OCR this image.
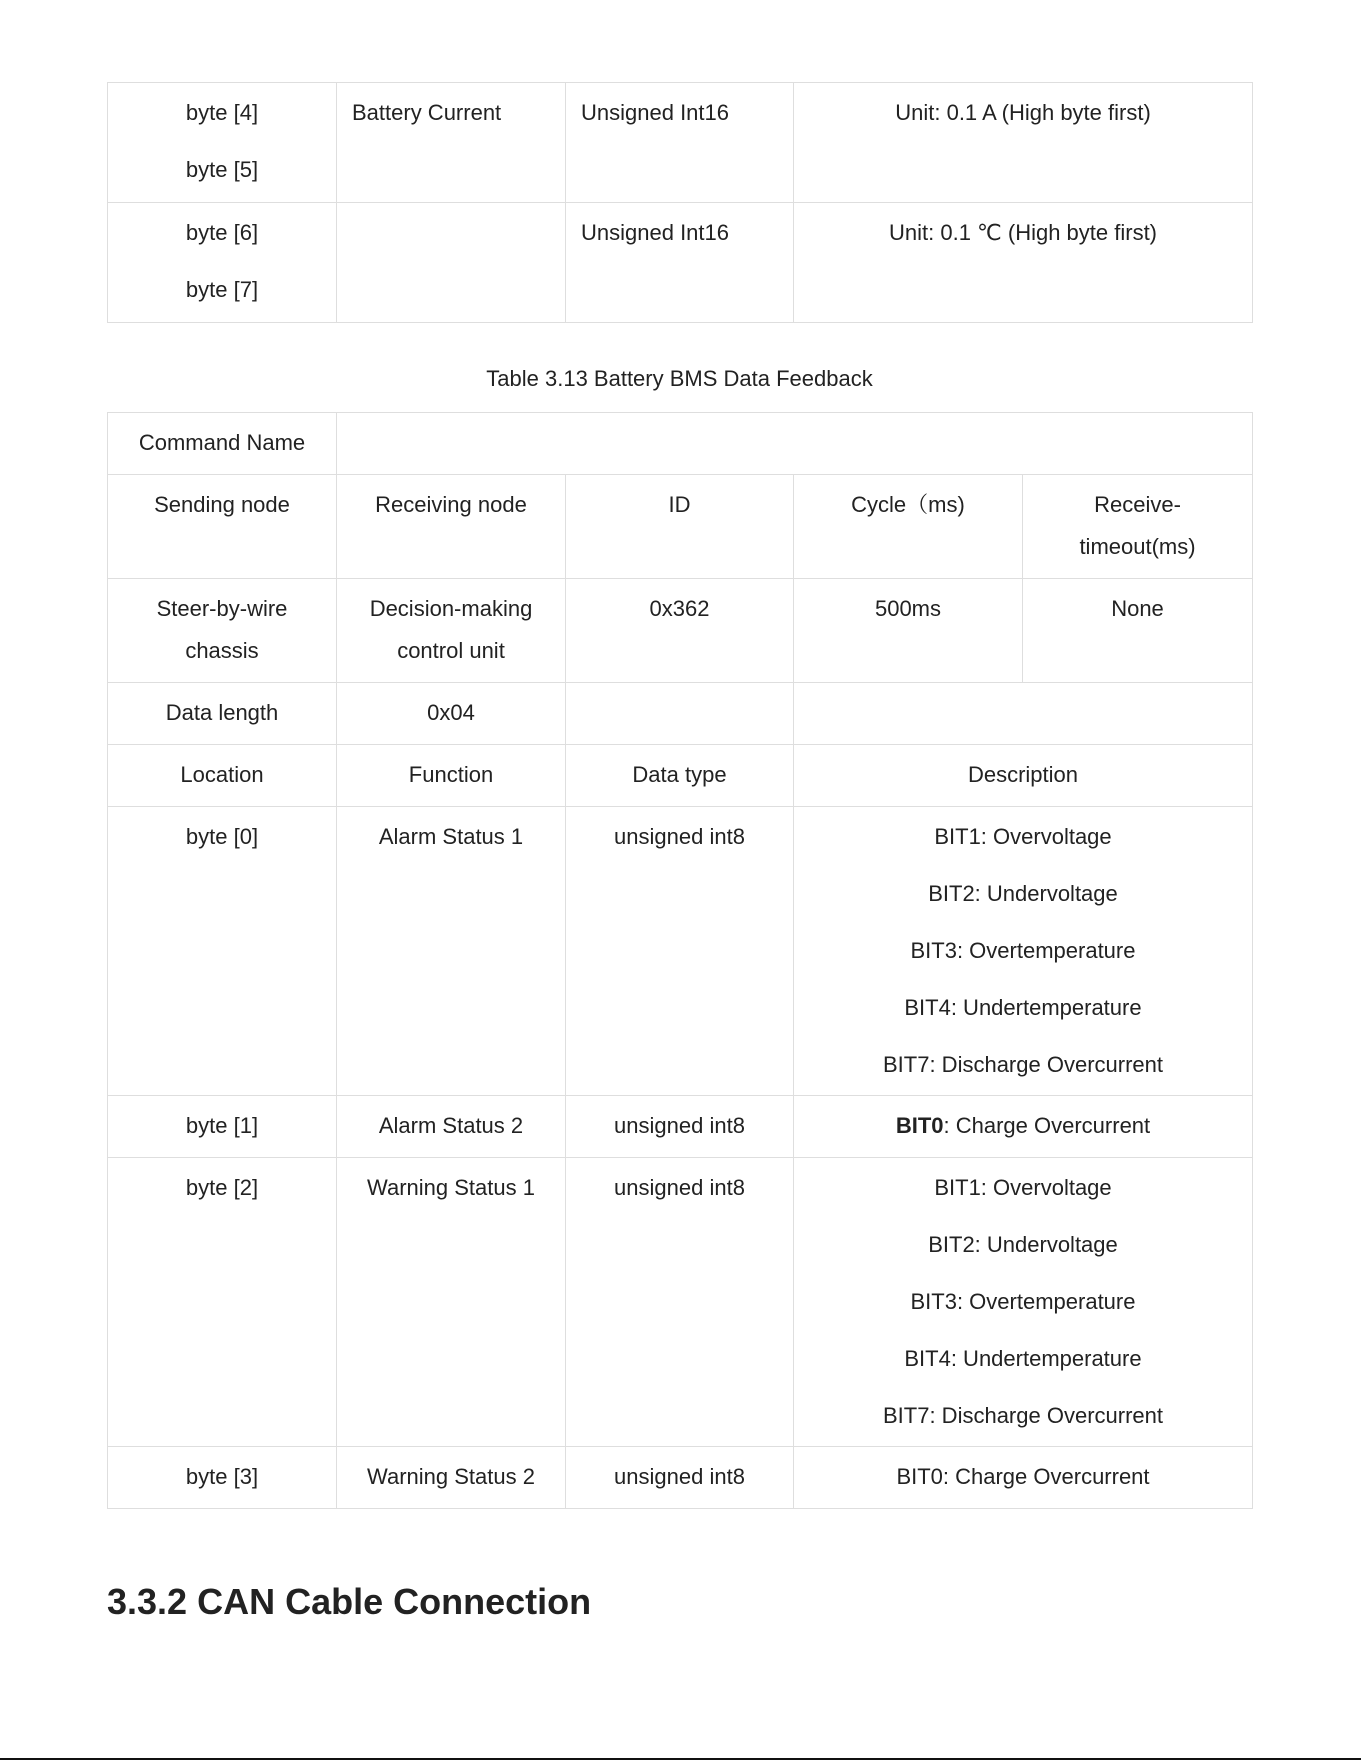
byte [4]
byte [5]	Battery Current	Unsigned Int16	Unit: 0.1 A (High byte first)

byte [6]
byte [7]		Unsigned Int16	Unit: 0.1 ℃ (High byte first)
Table 3.13 Battery BMS Data Feedback
Command Name				
Sending node	Receiving node	ID	Cycle（ms)	Receive-
timeout(ms)

Steer-by-wire
chassis	Decision-making
control unit	0x362	500ms	None
Data length	0x04			
Location	Function	Data type	Description	
byte [0]	Alarm Status 1	unsigned int8	BIT1: Overvoltage
BIT2: Undervoltage
BIT3: Overtemperature
BIT4: Undertemperature
BIT7: Discharge Overcurrent	

byte [1]	Alarm Status 2	unsigned int8	BIT0: Charge Overcurrent	
byte [2]	Warning Status 1	unsigned int8	BIT1: Overvoltage
BIT2: Undervoltage
BIT3: Overtemperature
BIT4: Undertemperature
BIT7: Discharge Overcurrent	

byte [3]	Warning Status 2	unsigned int8	BIT0: Charge Overcurrent	
3.3.2 CAN Cable Connection
